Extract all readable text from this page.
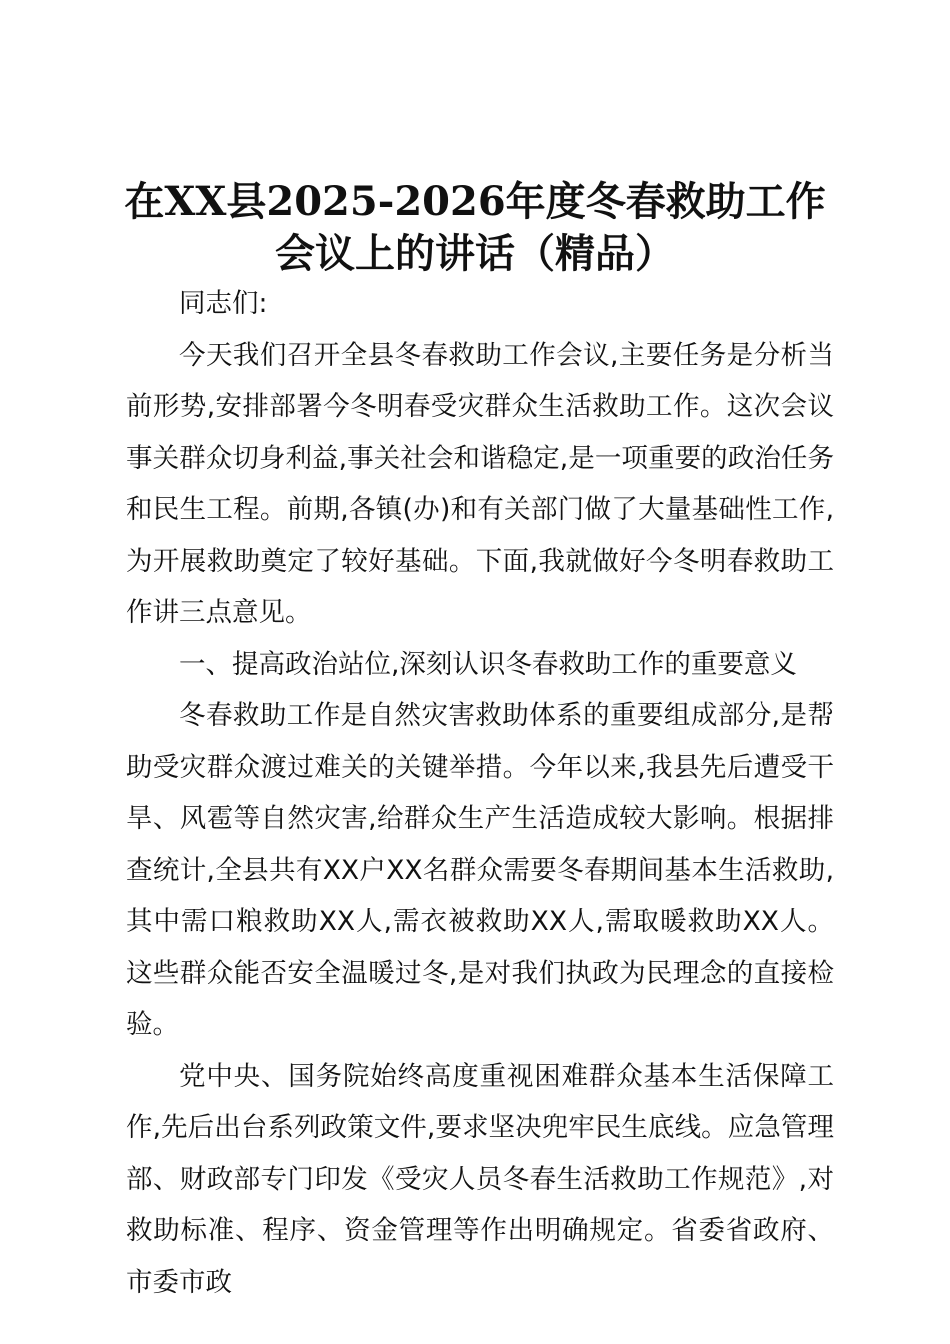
在XX县2025-2026年度冬春救助工作
会议上的讲话（精品）

同志们:

今天我们召开全县冬春救助工作会议,主要任务是分析当前形势,安排部署今冬明春受灾群众生活救助工作。这次会议事关群众切身利益,事关社会和谐稳定,是一项重要的政治任务和民生工程。前期,各镇(办)和有关部门做了大量基础性工作,为开展救助奠定了较好基础。下面,我就做好今冬明春救助工作讲三点意见。

一、提高政治站位,深刻认识冬春救助工作的重要意义

冬春救助工作是自然灾害救助体系的重要组成部分,是帮助受灾群众渡过难关的关键举措。今年以来,我县先后遭受干旱、风雹等自然灾害,给群众生产生活造成较大影响。根据排查统计,全县共有XX户XX名群众需要冬春期间基本生活救助,其中需口粮救助XX人,需衣被救助XX人,需取暖救助XX人。这些群众能否安全温暖过冬,是对我们执政为民理念的直接检验。

党中央、国务院始终高度重视困难群众基本生活保障工作,先后出台系列政策文件,要求坚决兜牢民生底线。应急管理部、财政部专门印发《受灾人员冬春生活救助工作规范》,对救助标准、程序、资金管理等作出明确规定。省委省政府、市委市政
